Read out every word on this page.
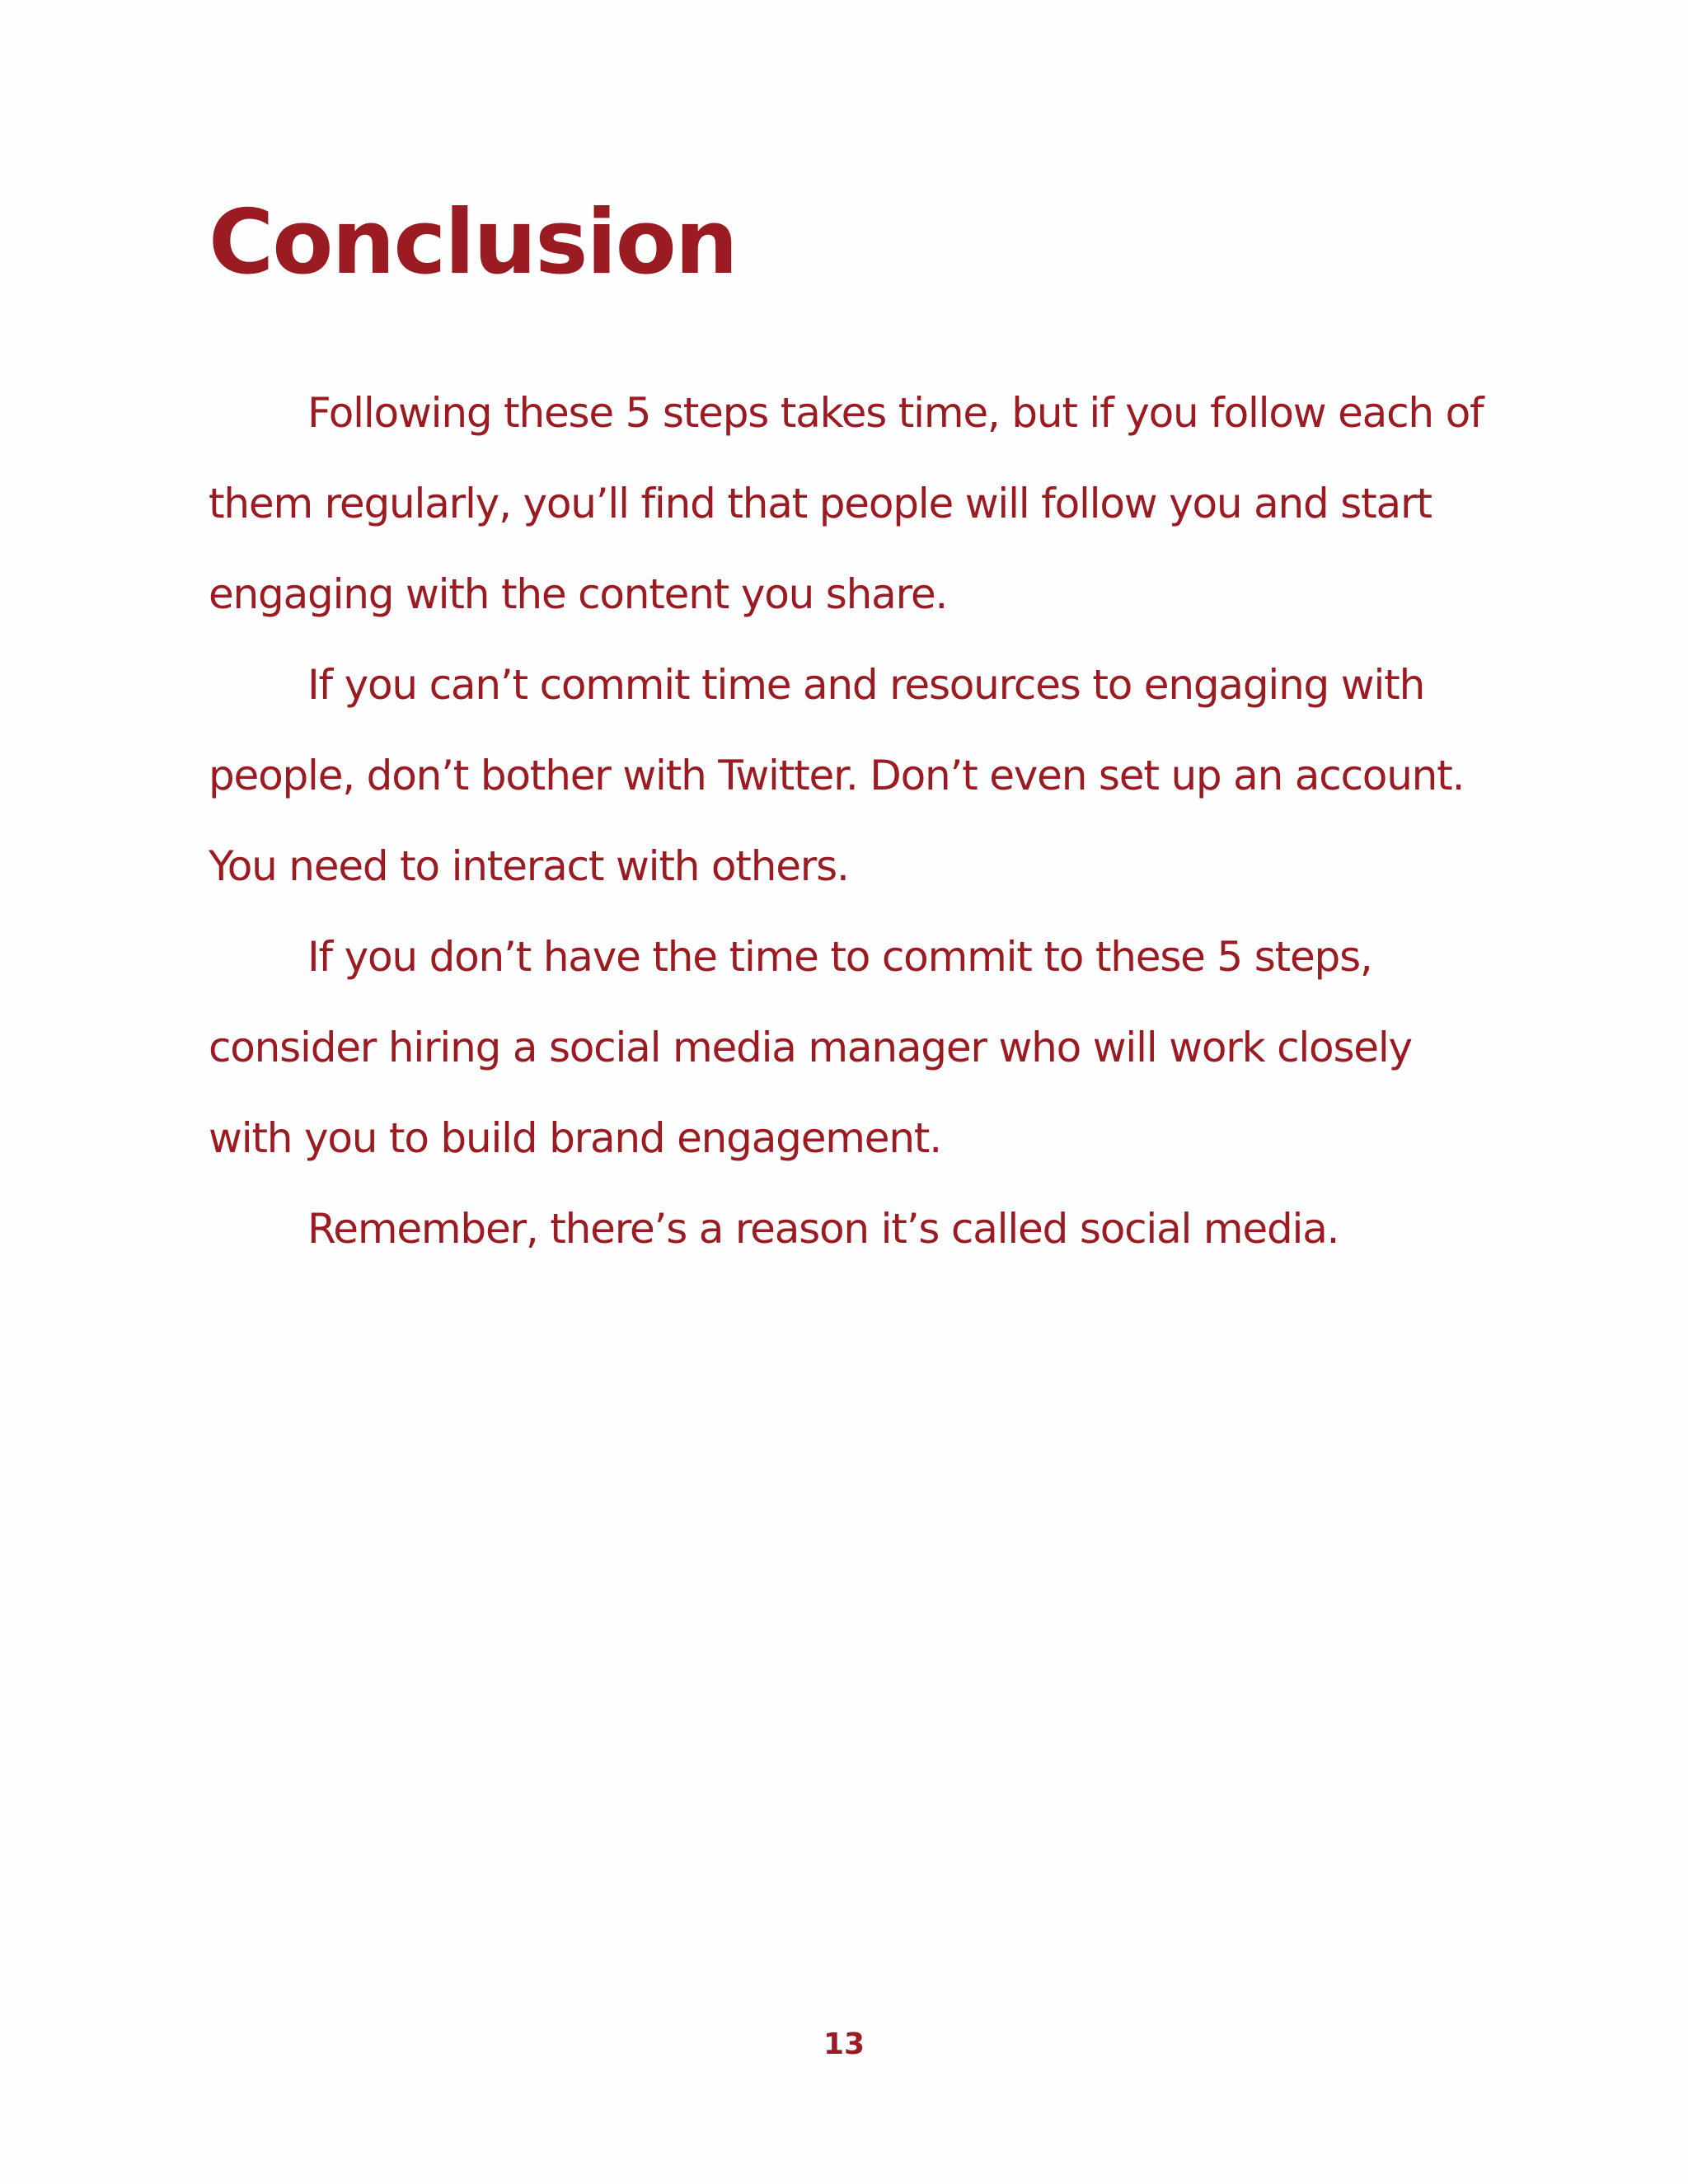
Conclusion

Following these 5 steps takes time, but if you follow each of them regularly, you’ll find that people will follow you and start engaging with the content you share.

If you can’t commit time and resources to engaging with people, don’t bother with Twitter. Don’t even set up an account. You need to interact with others.

If you don’t have the time to commit to these 5 steps, consider hiring a social media manager who will work closely with you to build brand engagement.

Remember, there’s a reason it’s called social media.

13
